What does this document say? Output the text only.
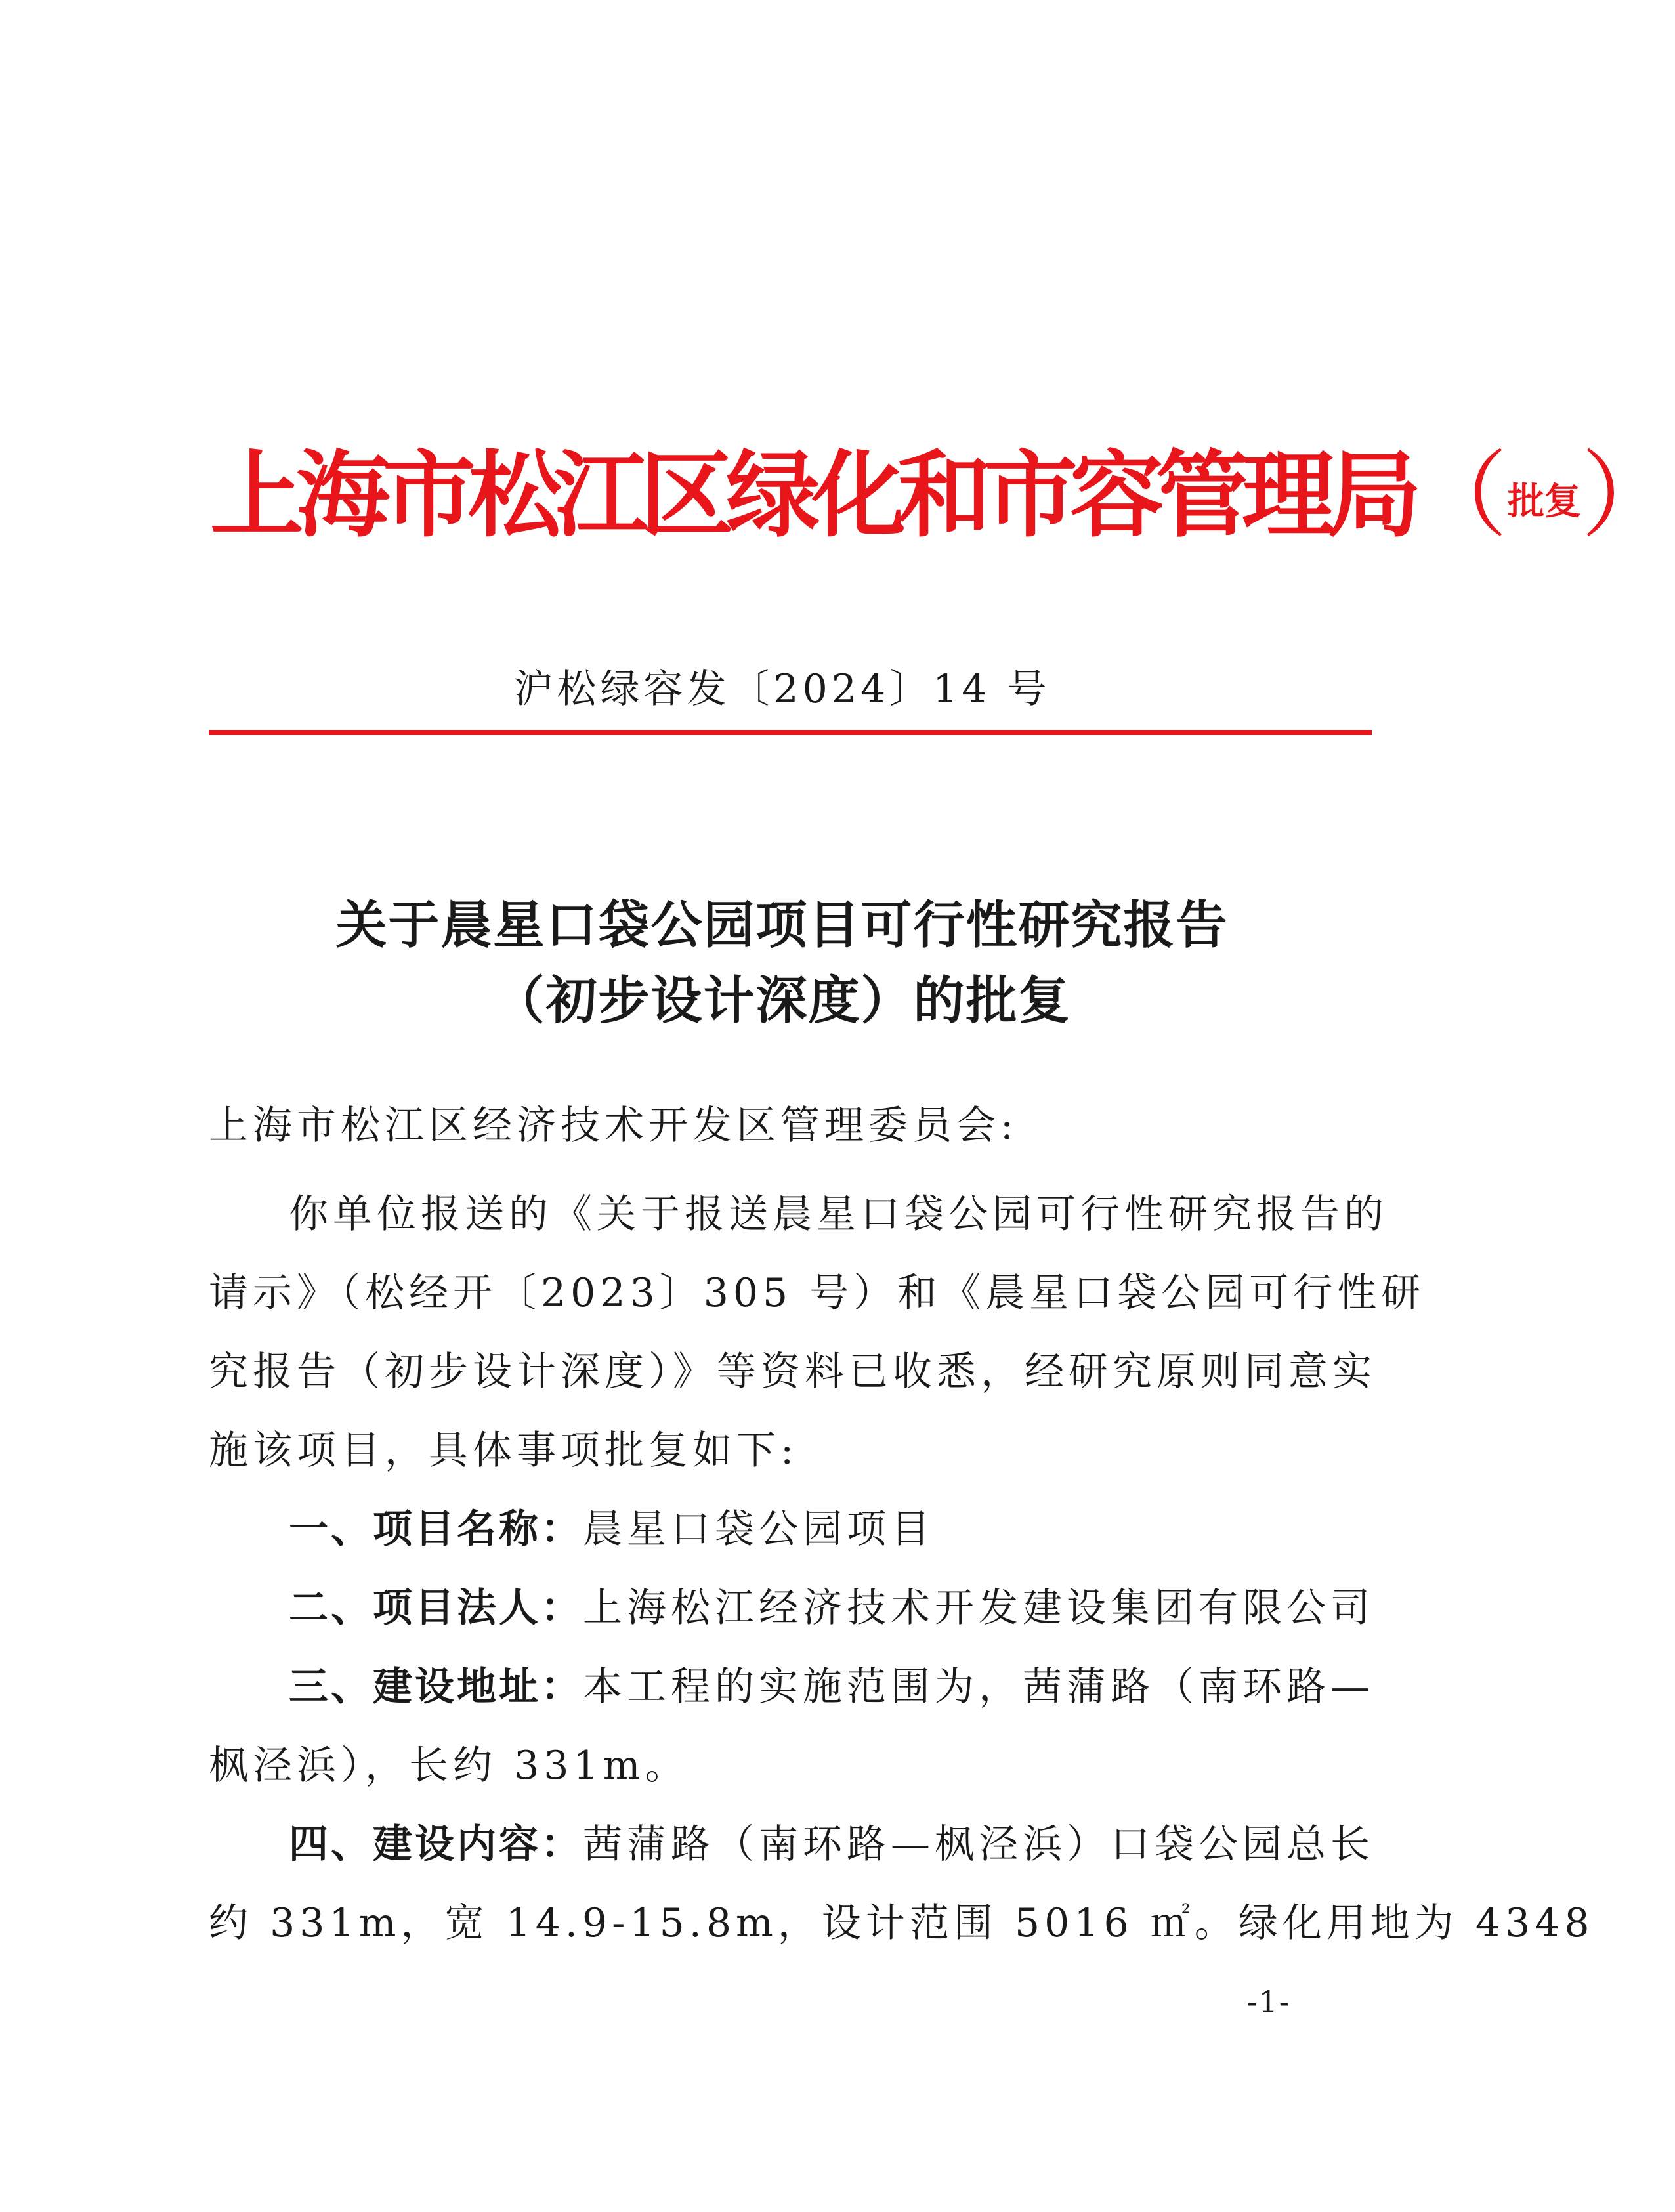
上海市松江区绿化和市容管理局（批复）
沪松绿容发〔2024〕14 号
关于晨星口袋公园项目可行性研究报告
（初步设计深度）的批复
上海市松江区经济技术开发区管理委员会:
你单位报送的《关于报送晨星口袋公园可行性研究报告的
请示》（松经开〔2023〕305 号）和《晨星口袋公园可行性研
究报告（初步设计深度）》等资料已收悉，经研究原则同意实
施该项目，具体事项批复如下:
一、项目名称：晨星口袋公园项目
二、项目法人：上海松江经济技术开发建设集团有限公司
三、建设地址：本工程的实施范围为，茜蒲路（南环路—
枫泾浜），长约 331m。
四、建设内容：茜蒲路（南环路—枫泾浜）口袋公园总长
约 331m，宽 14.9-15.8m，设计范围 5016 ㎡。绿化用地为 4348
-1-
